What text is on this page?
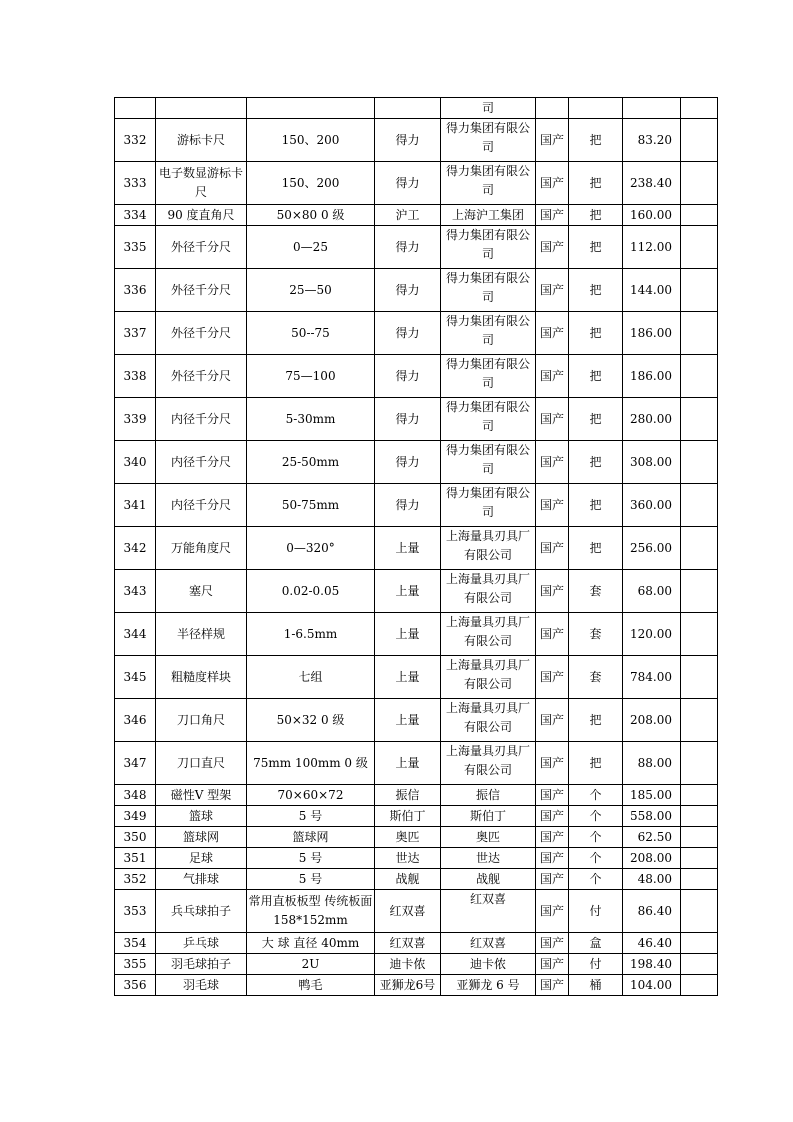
				司				
332	游标卡尺	150、200	得力	得力集团有限公司	国产	把	83.20	
333	电子数显游标卡尺	150、200	得力	得力集团有限公司	国产	把	238.40	
334	90 度直角尺	50×80 0 级	沪工	上海沪工集团	国产	把	160.00	
335	外径千分尺	0—25	得力	得力集团有限公司	国产	把	112.00	
336	外径千分尺	25—50	得力	得力集团有限公司	国产	把	144.00	
337	外径千分尺	50--75	得力	得力集团有限公司	国产	把	186.00	
338	外径千分尺	75—100	得力	得力集团有限公司	国产	把	186.00	
339	内径千分尺	5-30mm	得力	得力集团有限公司	国产	把	280.00	
340	内径千分尺	25-50mm	得力	得力集团有限公司	国产	把	308.00	
341	内径千分尺	50-75mm	得力	得力集团有限公司	国产	把	360.00	
342	万能角度尺	0—320°	上量	上海量具刃具厂有限公司	国产	把	256.00	
343	塞尺	0.02-0.05	上量	上海量具刃具厂有限公司	国产	套	68.00	
344	半径样规	1-6.5mm	上量	上海量具刃具厂有限公司	国产	套	120.00	
345	粗糙度样块	七组	上量	上海量具刃具厂有限公司	国产	套	784.00	
346	刀口角尺	50×32 0 级	上量	上海量具刃具厂有限公司	国产	把	208.00	
347	刀口直尺	75mm 100mm 0 级	上量	上海量具刃具厂有限公司	国产	把	88.00	
348	磁性V 型架	70×60×72	振信	振信	国产	个	185.00	
349	篮球	5 号	斯伯丁	斯伯丁	国产	个	558.00	
350	篮球网	篮球网	奥匹	奥匹	国产	个	62.50	
351	足球	5 号	世达	世达	国产	个	208.00	
352	气排球	5 号	战舰	战舰	国产	个	48.00	
353	兵乓球拍子	常用直板板型 传统板面 158*152mm	红双喜	红双喜	国产	付	86.40	
354	乒乓球	大 球 直径 40mm	红双喜	红双喜	国产	盒	46.40	
355	羽毛球拍子	2U	迪卡侬	迪卡侬	国产	付	198.40	
356	羽毛球	鸭毛	亚狮龙6号	亚狮龙 6 号	国产	桶	104.00	
